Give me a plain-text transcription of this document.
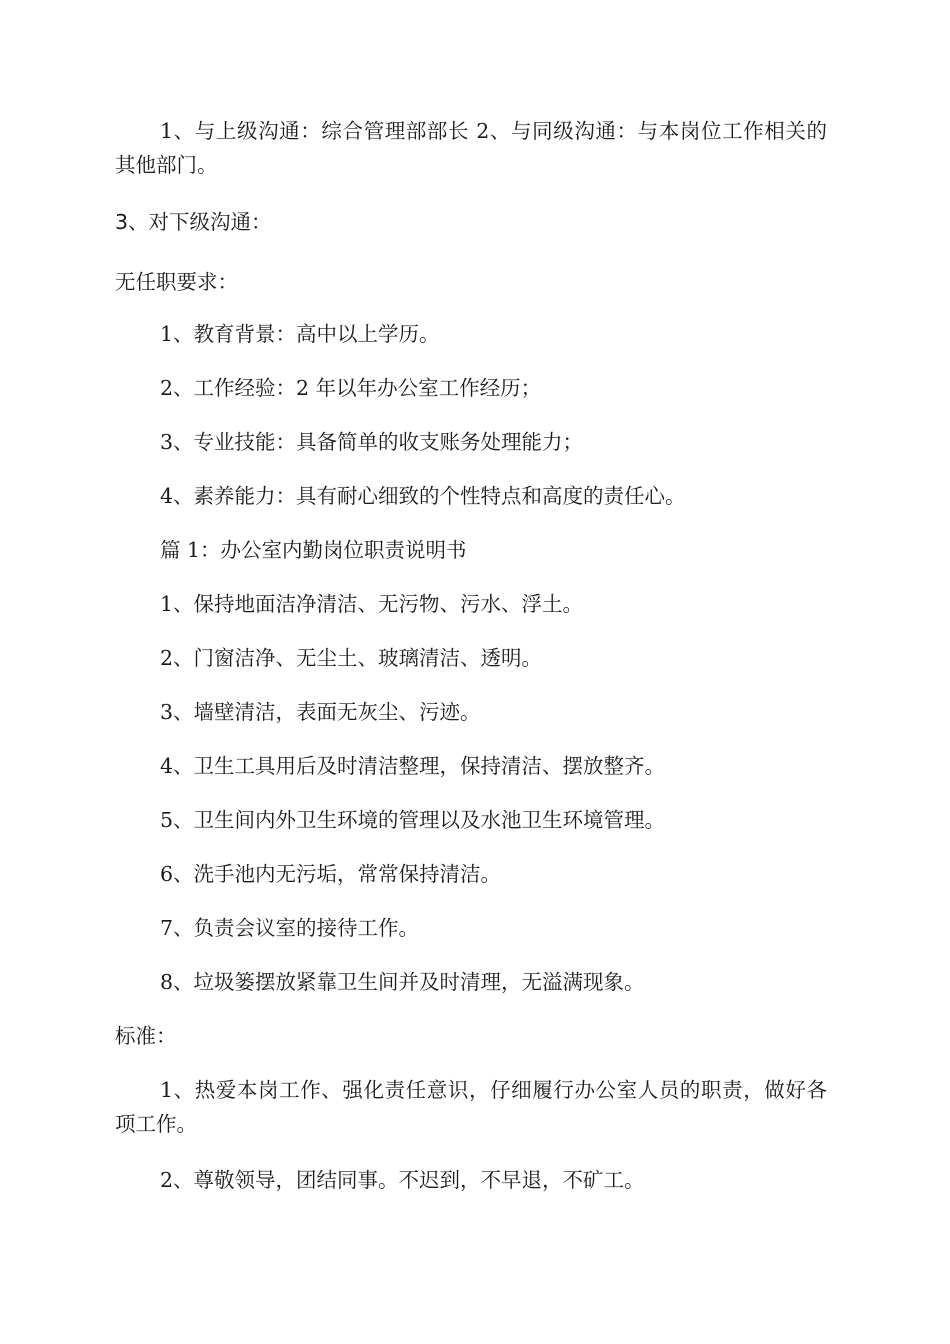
1、与上级沟通：综合管理部部长 2、与同级沟通：与本岗位工作相关的其他部门。

3、对下级沟通：

无任职要求：

1、教育背景：高中以上学历。

2、工作经验：2 年以年办公室工作经历；

3、专业技能：具备简单的收支账务处理能力；

4、素养能力：具有耐心细致的个性特点和高度的责任心。

篇 1：办公室内勤岗位职责说明书

1、保持地面洁净清洁、无污物、污水、浮土。

2、门窗洁净、无尘土、玻璃清洁、透明。

3、墙壁清洁，表面无灰尘、污迹。

4、卫生工具用后及时清洁整理，保持清洁、摆放整齐。

5、卫生间内外卫生环境的管理以及水池卫生环境管理。

6、洗手池内无污垢，常常保持清洁。

7、负责会议室的接待工作。

8、垃圾篓摆放紧靠卫生间并及时清理，无溢满现象。

标准：

1、热爱本岗工作、强化责任意识，仔细履行办公室人员的职责，做好各项工作。

2、尊敬领导，团结同事。不迟到，不早退，不矿工。
